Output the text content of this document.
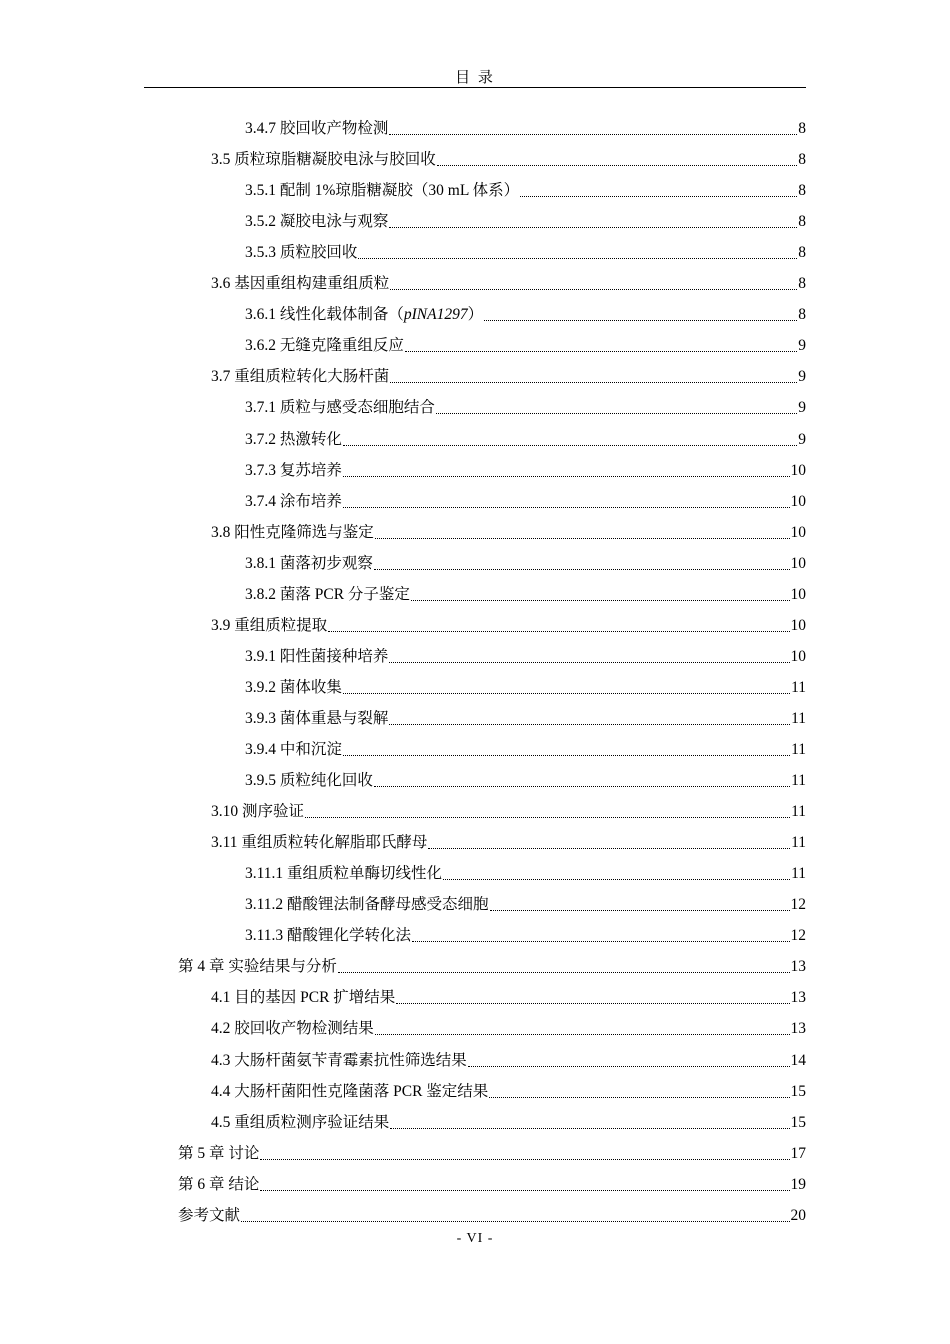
目 录
3.4.7 胶回收产物检测	8
3.5 质粒琼脂糖凝胶电泳与胶回收	8
3.5.1 配制 1%琼脂糖凝胶（30 mL 体系）	8
3.5.2 凝胶电泳与观察	8
3.5.3 质粒胶回收	8
3.6 基因重组构建重组质粒	8
3.6.1 线性化载体制备（pINA1297）	8
3.6.2 无缝克隆重组反应	9
3.7 重组质粒转化大肠杆菌	9
3.7.1 质粒与感受态细胞结合	9
3.7.2 热激转化	9
3.7.3 复苏培养	10
3.7.4 涂布培养	10
3.8 阳性克隆筛选与鉴定	10
3.8.1 菌落初步观察	10
3.8.2 菌落 PCR 分子鉴定	10
3.9 重组质粒提取	10
3.9.1 阳性菌接种培养	10
3.9.2 菌体收集	11
3.9.3 菌体重悬与裂解	11
3.9.4 中和沉淀	11
3.9.5 质粒纯化回收	11
3.10 测序验证	11
3.11 重组质粒转化解脂耶氏酵母	11
3.11.1 重组质粒单酶切线性化	11
3.11.2 醋酸锂法制备酵母感受态细胞	12
3.11.3 醋酸锂化学转化法	12
第 4 章 实验结果与分析	13
4.1 目的基因 PCR 扩增结果	13
4.2 胶回收产物检测结果	13
4.3 大肠杆菌氨苄青霉素抗性筛选结果	14
4.4 大肠杆菌阳性克隆菌落 PCR 鉴定结果	15
4.5 重组质粒测序验证结果	15
第 5 章 讨论	17
第 6 章 结论	19
参考文献	20
- VI -
